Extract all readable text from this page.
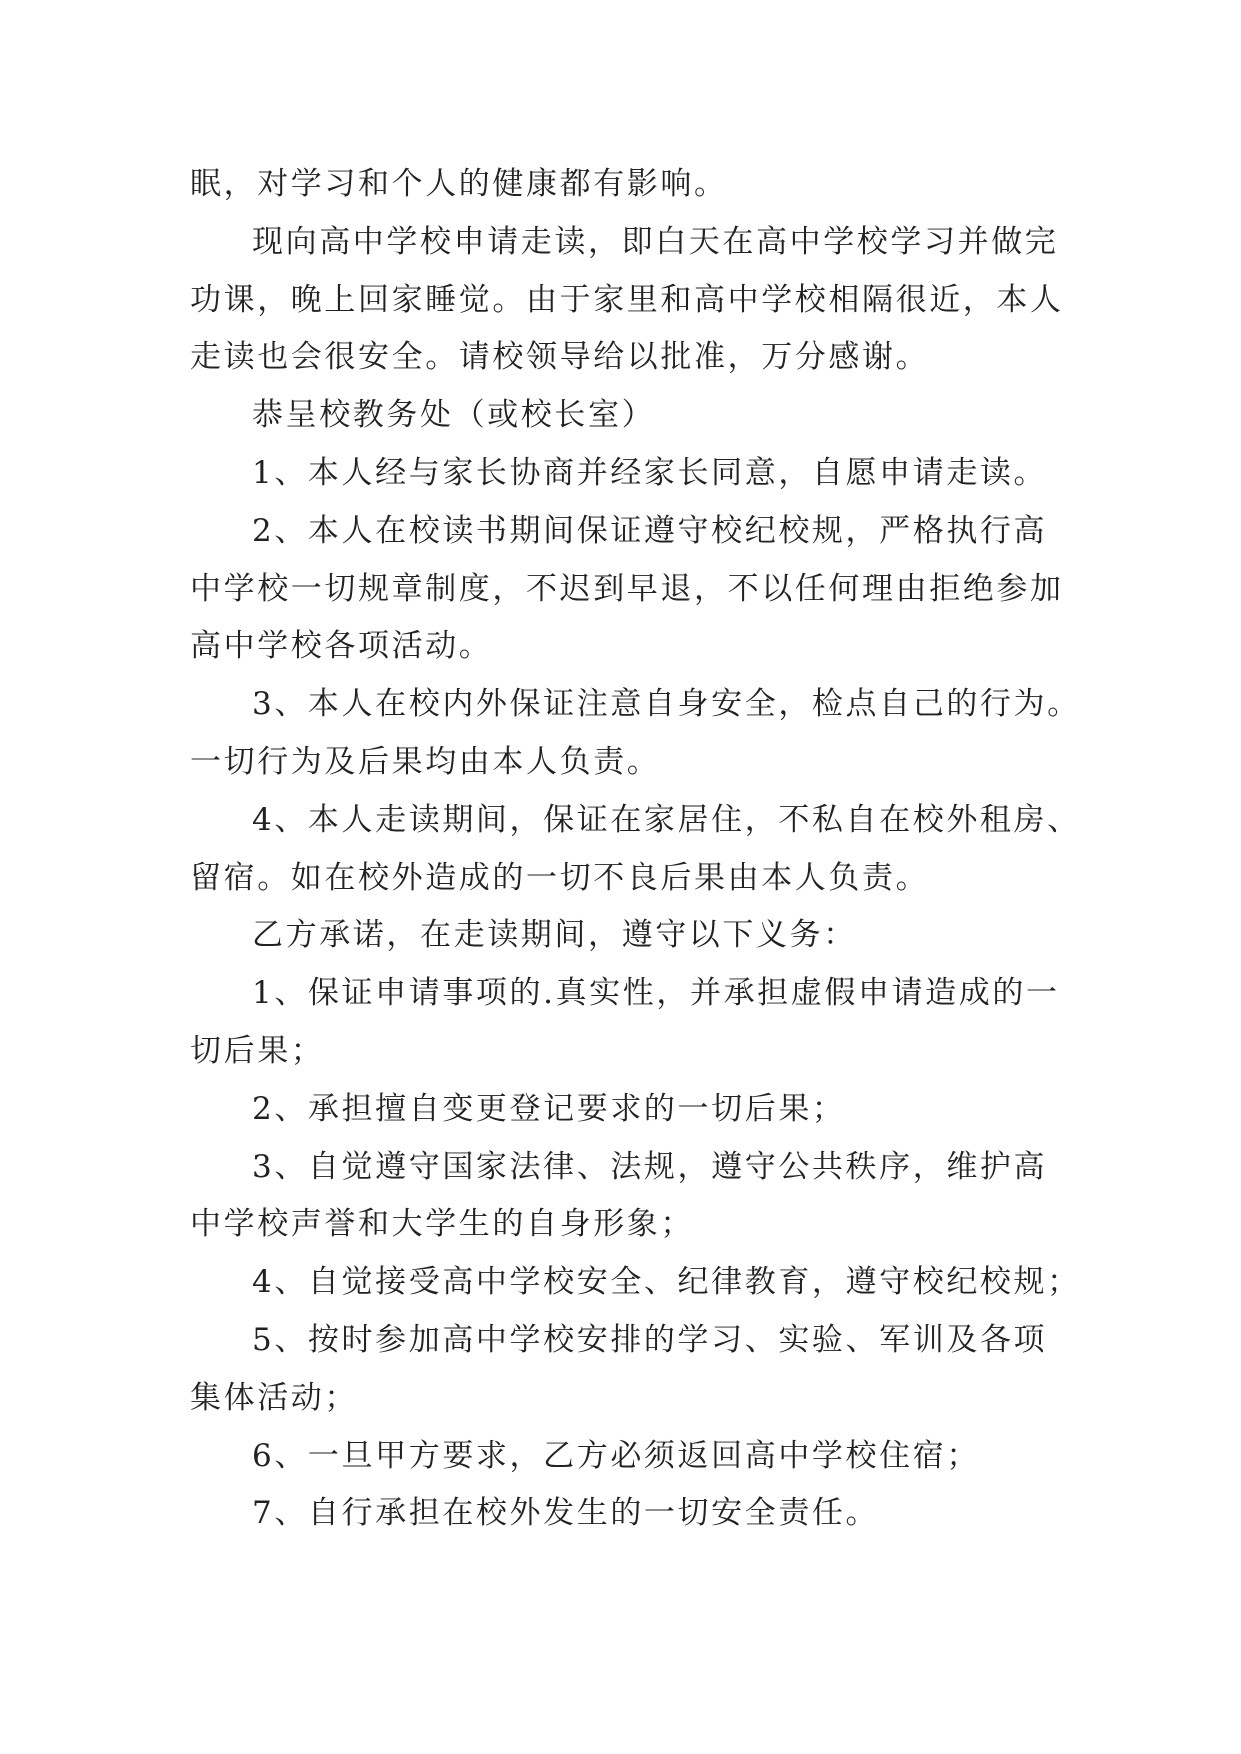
眠，对学习和个人的健康都有影响。
现向高中学校申请走读，即白天在高中学校学习并做完
功课，晚上回家睡觉。由于家里和高中学校相隔很近，本人
走读也会很安全。请校领导给以批准，万分感谢。
恭呈校教务处（或校长室）
1、本人经与家长协商并经家长同意，自愿申请走读。
2、本人在校读书期间保证遵守校纪校规，严格执行高
中学校一切规章制度，不迟到早退，不以任何理由拒绝参加
高中学校各项活动。
3、本人在校内外保证注意自身安全，检点自己的行为。
一切行为及后果均由本人负责。
4、本人走读期间，保证在家居住，不私自在校外租房、
留宿。如在校外造成的一切不良后果由本人负责。
乙方承诺，在走读期间，遵守以下义务：
1、保证申请事项的.真实性，并承担虚假申请造成的一
切后果；
2、承担擅自变更登记要求的一切后果；
3、自觉遵守国家法律、法规，遵守公共秩序，维护高
中学校声誉和大学生的自身形象；
4、自觉接受高中学校安全、纪律教育，遵守校纪校规；
5、按时参加高中学校安排的学习、实验、军训及各项
集体活动；
6、一旦甲方要求，乙方必须返回高中学校住宿；
7、自行承担在校外发生的一切安全责任。
